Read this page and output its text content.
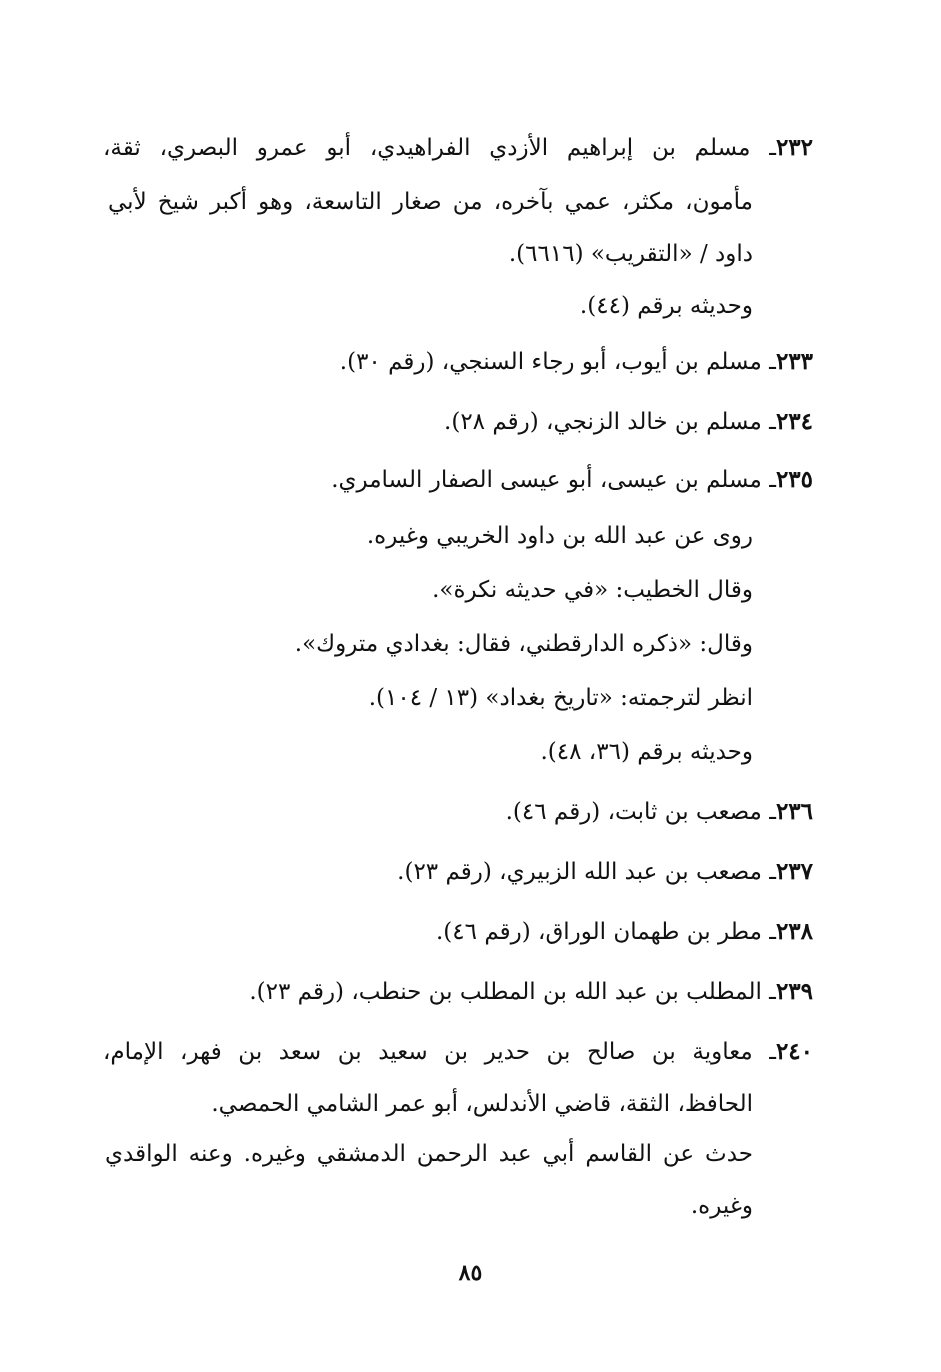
٢٣٢ـ مسلم بن إبراهيم الأزدي الفراهيدي، أبو عمرو البصري، ثقة،
مأمون، مكثر، عمي بآخره، من صغار التاسعة، وهو أكبر شيخ لأبي
داود / «التقريب» (٦٦١٦).
وحديثه برقم (٤٤).
٢٣٣ـ مسلم بن أيوب، أبو رجاء السنجي، (رقم ٣٠).
٢٣٤ـ مسلم بن خالد الزنجي، (رقم ٢٨).
٢٣٥ـ مسلم بن عيسى، أبو عيسى الصفار السامري.
روى عن عبد الله بن داود الخريبي وغيره.
وقال الخطيب: «في حديثه نكرة».
وقال: «ذكره الدارقطني، فقال: بغدادي متروك».
انظر لترجمته: «تاريخ بغداد» (١٣ / ١٠٤).
وحديثه برقم (٣٦، ٤٨).
٢٣٦ـ مصعب بن ثابت، (رقم ٤٦).
٢٣٧ـ مصعب بن عبد الله الزبيري، (رقم ٢٣).
٢٣٨ـ مطر بن طهمان الوراق، (رقم ٤٦).
٢٣٩ـ المطلب بن عبد الله بن المطلب بن حنطب، (رقم ٢٣).
٢٤٠ـ معاوية بن صالح بن حدير بن سعيد بن سعد بن فهر، الإمام،
الحافظ، الثقة، قاضي الأندلس، أبو عمر الشامي الحمصي.
حدث عن القاسم أبي عبد الرحمن الدمشقي وغيره. وعنه الواقدي
وغيره.
٨٥
